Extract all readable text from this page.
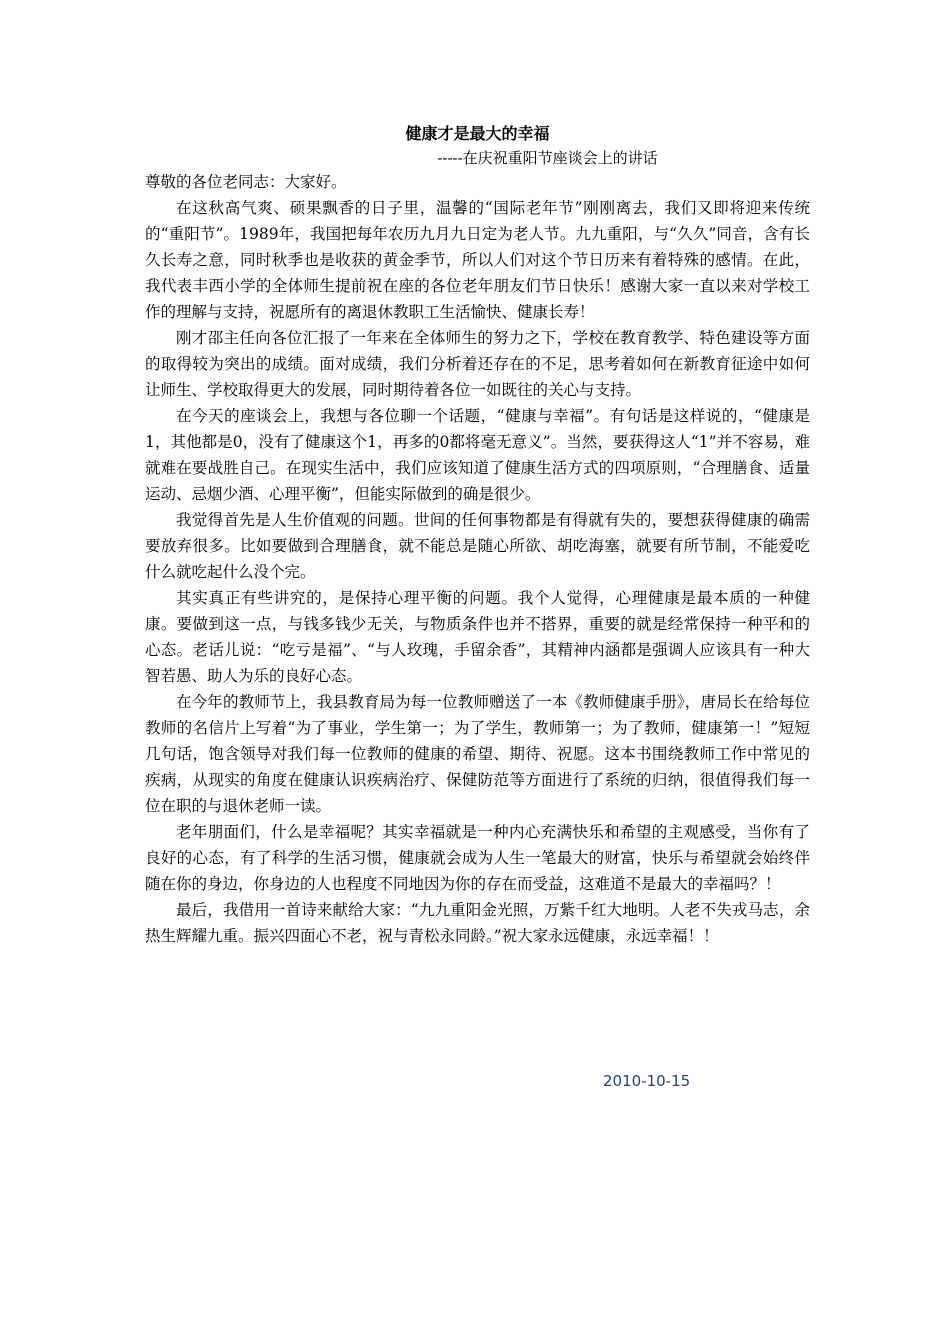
健康才是最大的幸福

-----在庆祝重阳节座谈会上的讲话

尊敬的各位老同志：大家好。

在这秋高气爽、硕果飘香的日子里，温馨的“国际老年节”刚刚离去，我们又即将迎来传统的“重阳节”。1989年，我国把每年农历九月九日定为老人节。九九重阳，与“久久”同音，含有长久长寿之意，同时秋季也是收获的黄金季节，所以人们对这个节日历来有着特殊的感情。在此，我代表丰西小学的全体师生提前祝在座的各位老年朋友们节日快乐！感谢大家一直以来对学校工作的理解与支持，祝愿所有的离退休教职工生活愉快、健康长寿！

刚才邵主任向各位汇报了一年来在全体师生的努力之下，学校在教育教学、特色建设等方面的取得较为突出的成绩。面对成绩，我们分析着还存在的不足，思考着如何在新教育征途中如何让师生、学校取得更大的发展，同时期待着各位一如既往的关心与支持。

在今天的座谈会上，我想与各位聊一个话题，“健康与幸福”。有句话是这样说的，“健康是1，其他都是0，没有了健康这个1，再多的0都将毫无意义”。当然，要获得这人“1”并不容易，难就难在要战胜自己。在现实生活中，我们应该知道了健康生活方式的四项原则，“合理膳食、适量运动、忌烟少酒、心理平衡”，但能实际做到的确是很少。

我觉得首先是人生价值观的问题。世间的任何事物都是有得就有失的，要想获得健康的确需要放弃很多。比如要做到合理膳食，就不能总是随心所欲、胡吃海塞，就要有所节制，不能爱吃什么就吃起什么没个完。

其实真正有些讲究的，是保持心理平衡的问题。我个人觉得，心理健康是最本质的一种健康。要做到这一点，与钱多钱少无关，与物质条件也并不搭界，重要的就是经常保持一种平和的心态。老话儿说：“吃亏是福”、“与人玫瑰，手留余香”，其精神内涵都是强调人应该具有一种大智若愚、助人为乐的良好心态。

在今年的教师节上，我县教育局为每一位教师赠送了一本《教师健康手册》，唐局长在给每位教师的名信片上写着“为了事业，学生第一；为了学生，教师第一；为了教师，健康第一！”短短几句话，饱含领导对我们每一位教师的健康的希望、期待、祝愿。这本书围绕教师工作中常见的疾病，从现实的角度在健康认识疾病治疗、保健防范等方面进行了系统的归纳，很值得我们每一位在职的与退休老师一读。

老年朋面们，什么是幸福呢？其实幸福就是一种内心充满快乐和希望的主观感受，当你有了良好的心态，有了科学的生活习惯，健康就会成为人生一笔最大的财富，快乐与希望就会始终伴随在你的身边，你身边的人也程度不同地因为你的存在而受益，这难道不是最大的幸福吗？！

最后，我借用一首诗来献给大家：“九九重阳金光照，万紫千红大地明。人老不失戎马志，余热生辉耀九重。振兴四面心不老，祝与青松永同龄。”祝大家永远健康，永远幸福！！

2010-10-15
